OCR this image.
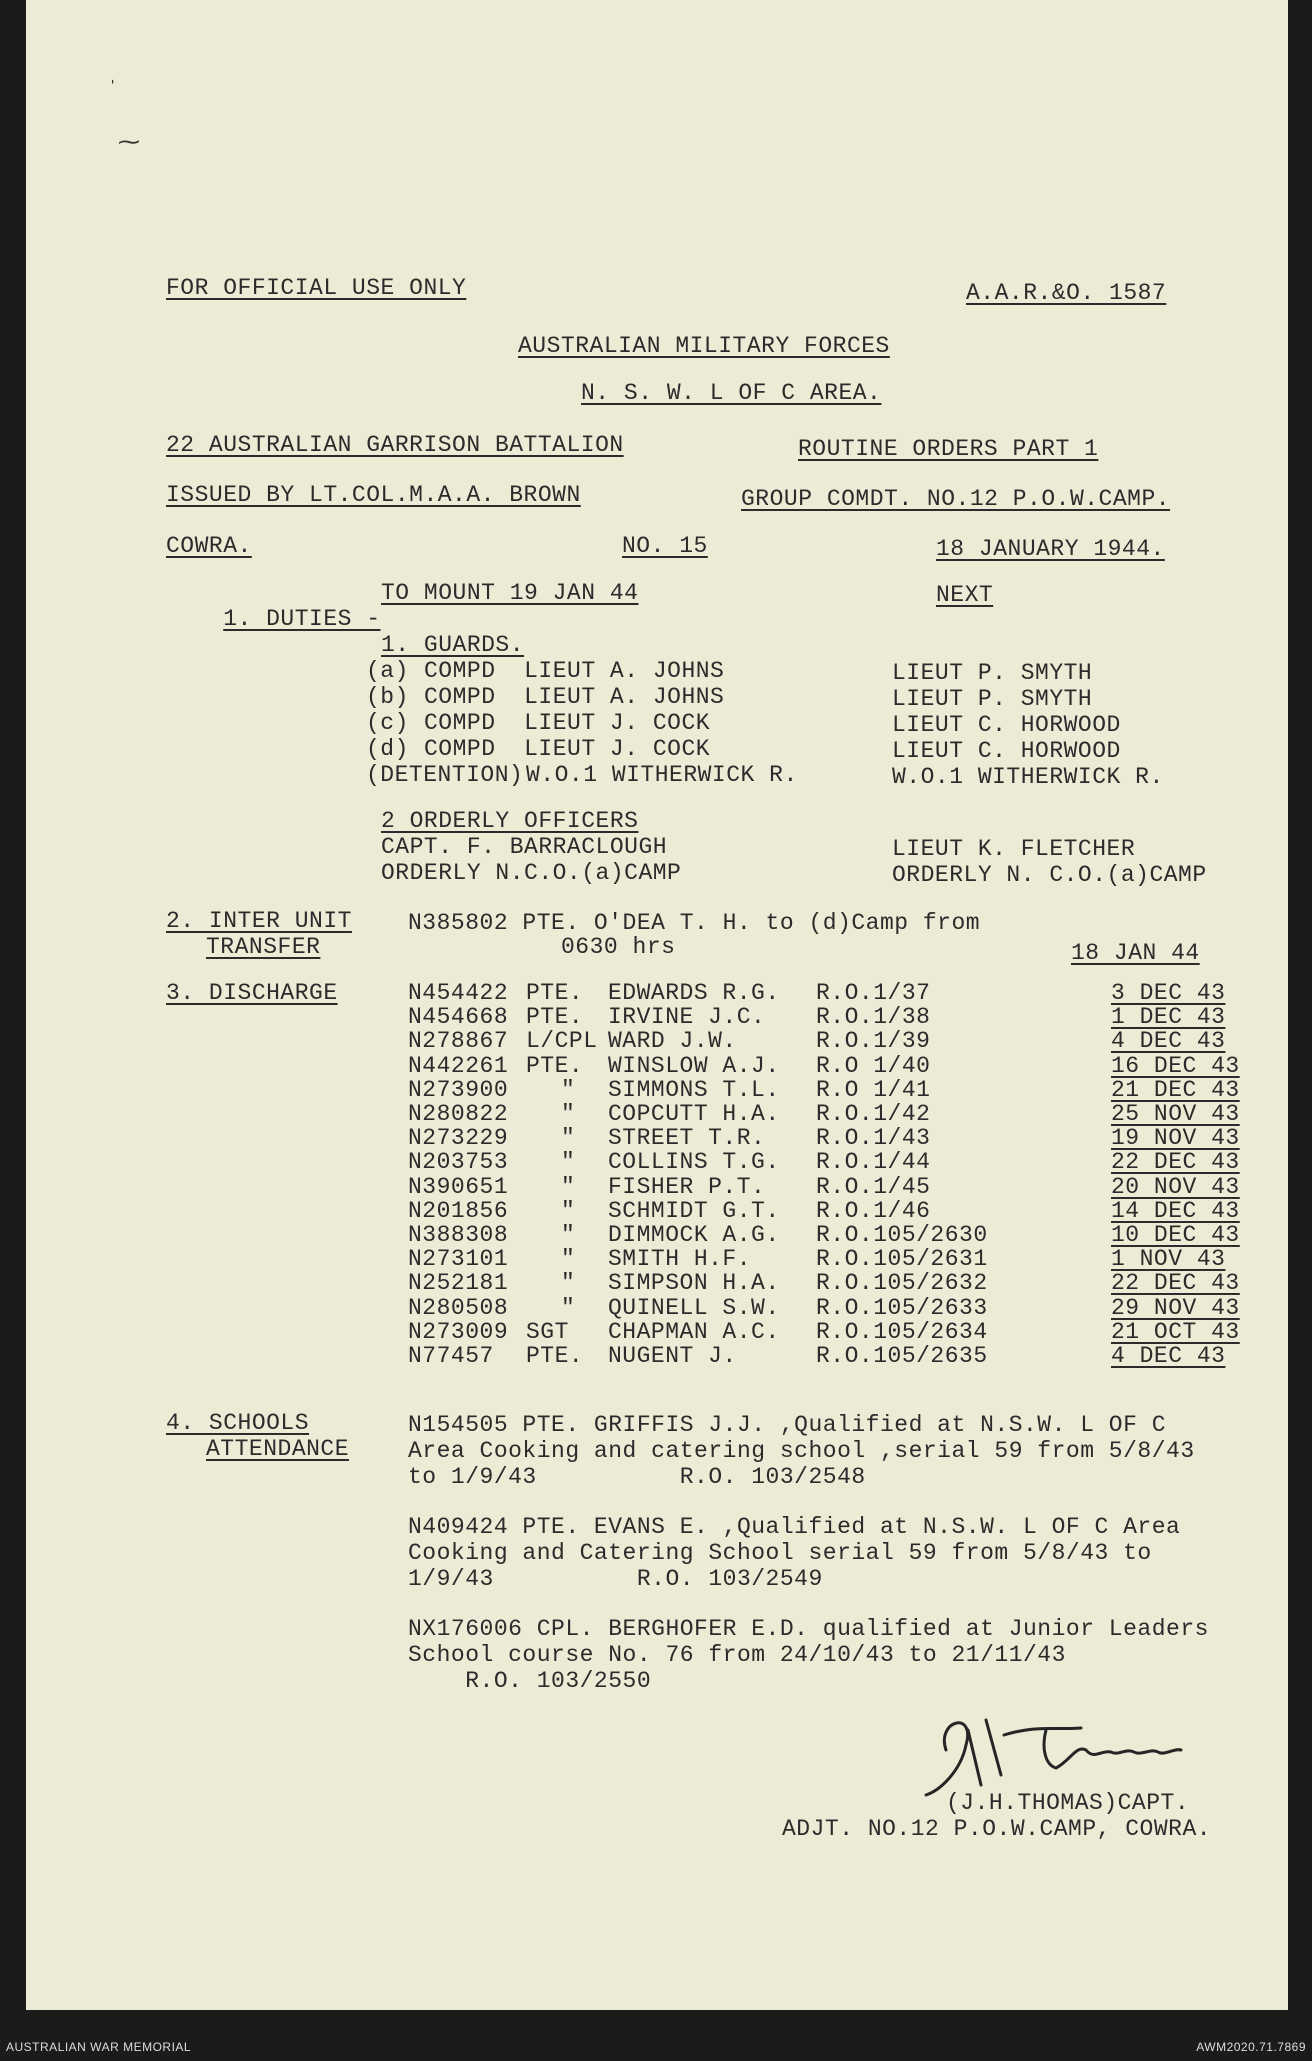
ˈ
⁓
FOR OFFICIAL USE ONLY	A.A.R.&O. 1587
AUSTRALIAN MILITARY FORCES
N. S. W. L OF C AREA.
22 AUSTRALIAN GARRISON BATTALION	ROUTINE ORDERS PART 1
ISSUED BY LT.COL.M.A.A. BROWN	GROUP COMDT. NO.12 P.O.W.CAMP.
COWRA.	NO. 15	18 JANUARY 1944.

1. DUTIES -

TO MOUNT 19 JAN 44	NEXT
1. GUARDS.
(a) COMPD  LIEUT A. JOHNS	LIEUT P. SMYTH
(b) COMPD  LIEUT A. JOHNS	LIEUT P. SMYTH
(c) COMPD  LIEUT J. COCK	LIEUT C. HORWOOD
(d) COMPD  LIEUT J. COCK	LIEUT C. HORWOOD
(DETENTION) W.O.1 WITHERWICK R.	W.O.1 WITHERWICK R.
2 ORDERLY OFFICERS
CAPT. F. BARRACLOUGH	LIEUT K. FLETCHER
ORDERLY N.C.O.(a)CAMP	ORDERLY N. C.O.(a)CAMP
2. INTER UNIT
TRANSFER
N385802 PTE. O'DEA T. H. to (d)Camp from
0630 hrs	18 JAN 44
3. DISCHARGE	N454422 PTE. EDWARDS R.G. R.O.1/37	3 DEC 43
N454668 PTE. IRVINE J.C. R.O.1/38	1 DEC 43
N278867 L/CPL WARD J.W.	R.O.1/39	4 DEC 43
N442261 PTE. WINSLOW A.J. R.O 1/40	16 DEC 43
N273900 " SIMMONS T.L. R.O 1/41	21 DEC 43
N280822 " COPCUTT H.A. R.O.1/42	25 NOV 43
N273229 " STREET T.R. R.O.1/43	19 NOV 43
N203753 " COLLINS T.G. R.O.1/44	22 DEC 43
N390651 " FISHER P.T. R.O.1/45	20 NOV 43
N201856 " SCHMIDT G.T. R.O.1/46	14 DEC 43
N388308 " DIMMOCK A.G. R.O.105/2630	10 DEC 43
N273101 " SMITH H.F.	R.O.105/2631	1 NOV 43
N252181 " SIMPSON H.A. R.O.105/2632	22 DEC 43
N280508 " QUINELL S.W. R.O.105/2633	29 NOV 43
N273009 SGT CHAPMAN A.C. R.O.105/2634	21 OCT 43
N77457 PTE. NUGENT J.	R.O.105/2635	4 DEC 43
4. SCHOOLS
ATTENDANCE
N154505 PTE. GRIFFIS J.J. ,Qualified at N.S.W. L OF C
Area Cooking and catering school ,serial 59 from 5/8/43
to 1/9/43          R.O. 103/2548
N409424 PTE. EVANS E. ,Qualified at N.S.W. L OF C Area
Cooking and Catering School serial 59 from 5/8/43 to
1/9/43          R.O. 103/2549
NX176006 CPL. BERGHOFER E.D. qualified at Junior Leaders
School course No. 76 from 24/10/43 to 21/11/43
R.O. 103/2550
(J.H.THOMAS)CAPT.
ADJT. NO.12 P.O.W.CAMP, COWRA.
AUSTRALIAN WAR MEMORIAL	AWM2020.71.7869
